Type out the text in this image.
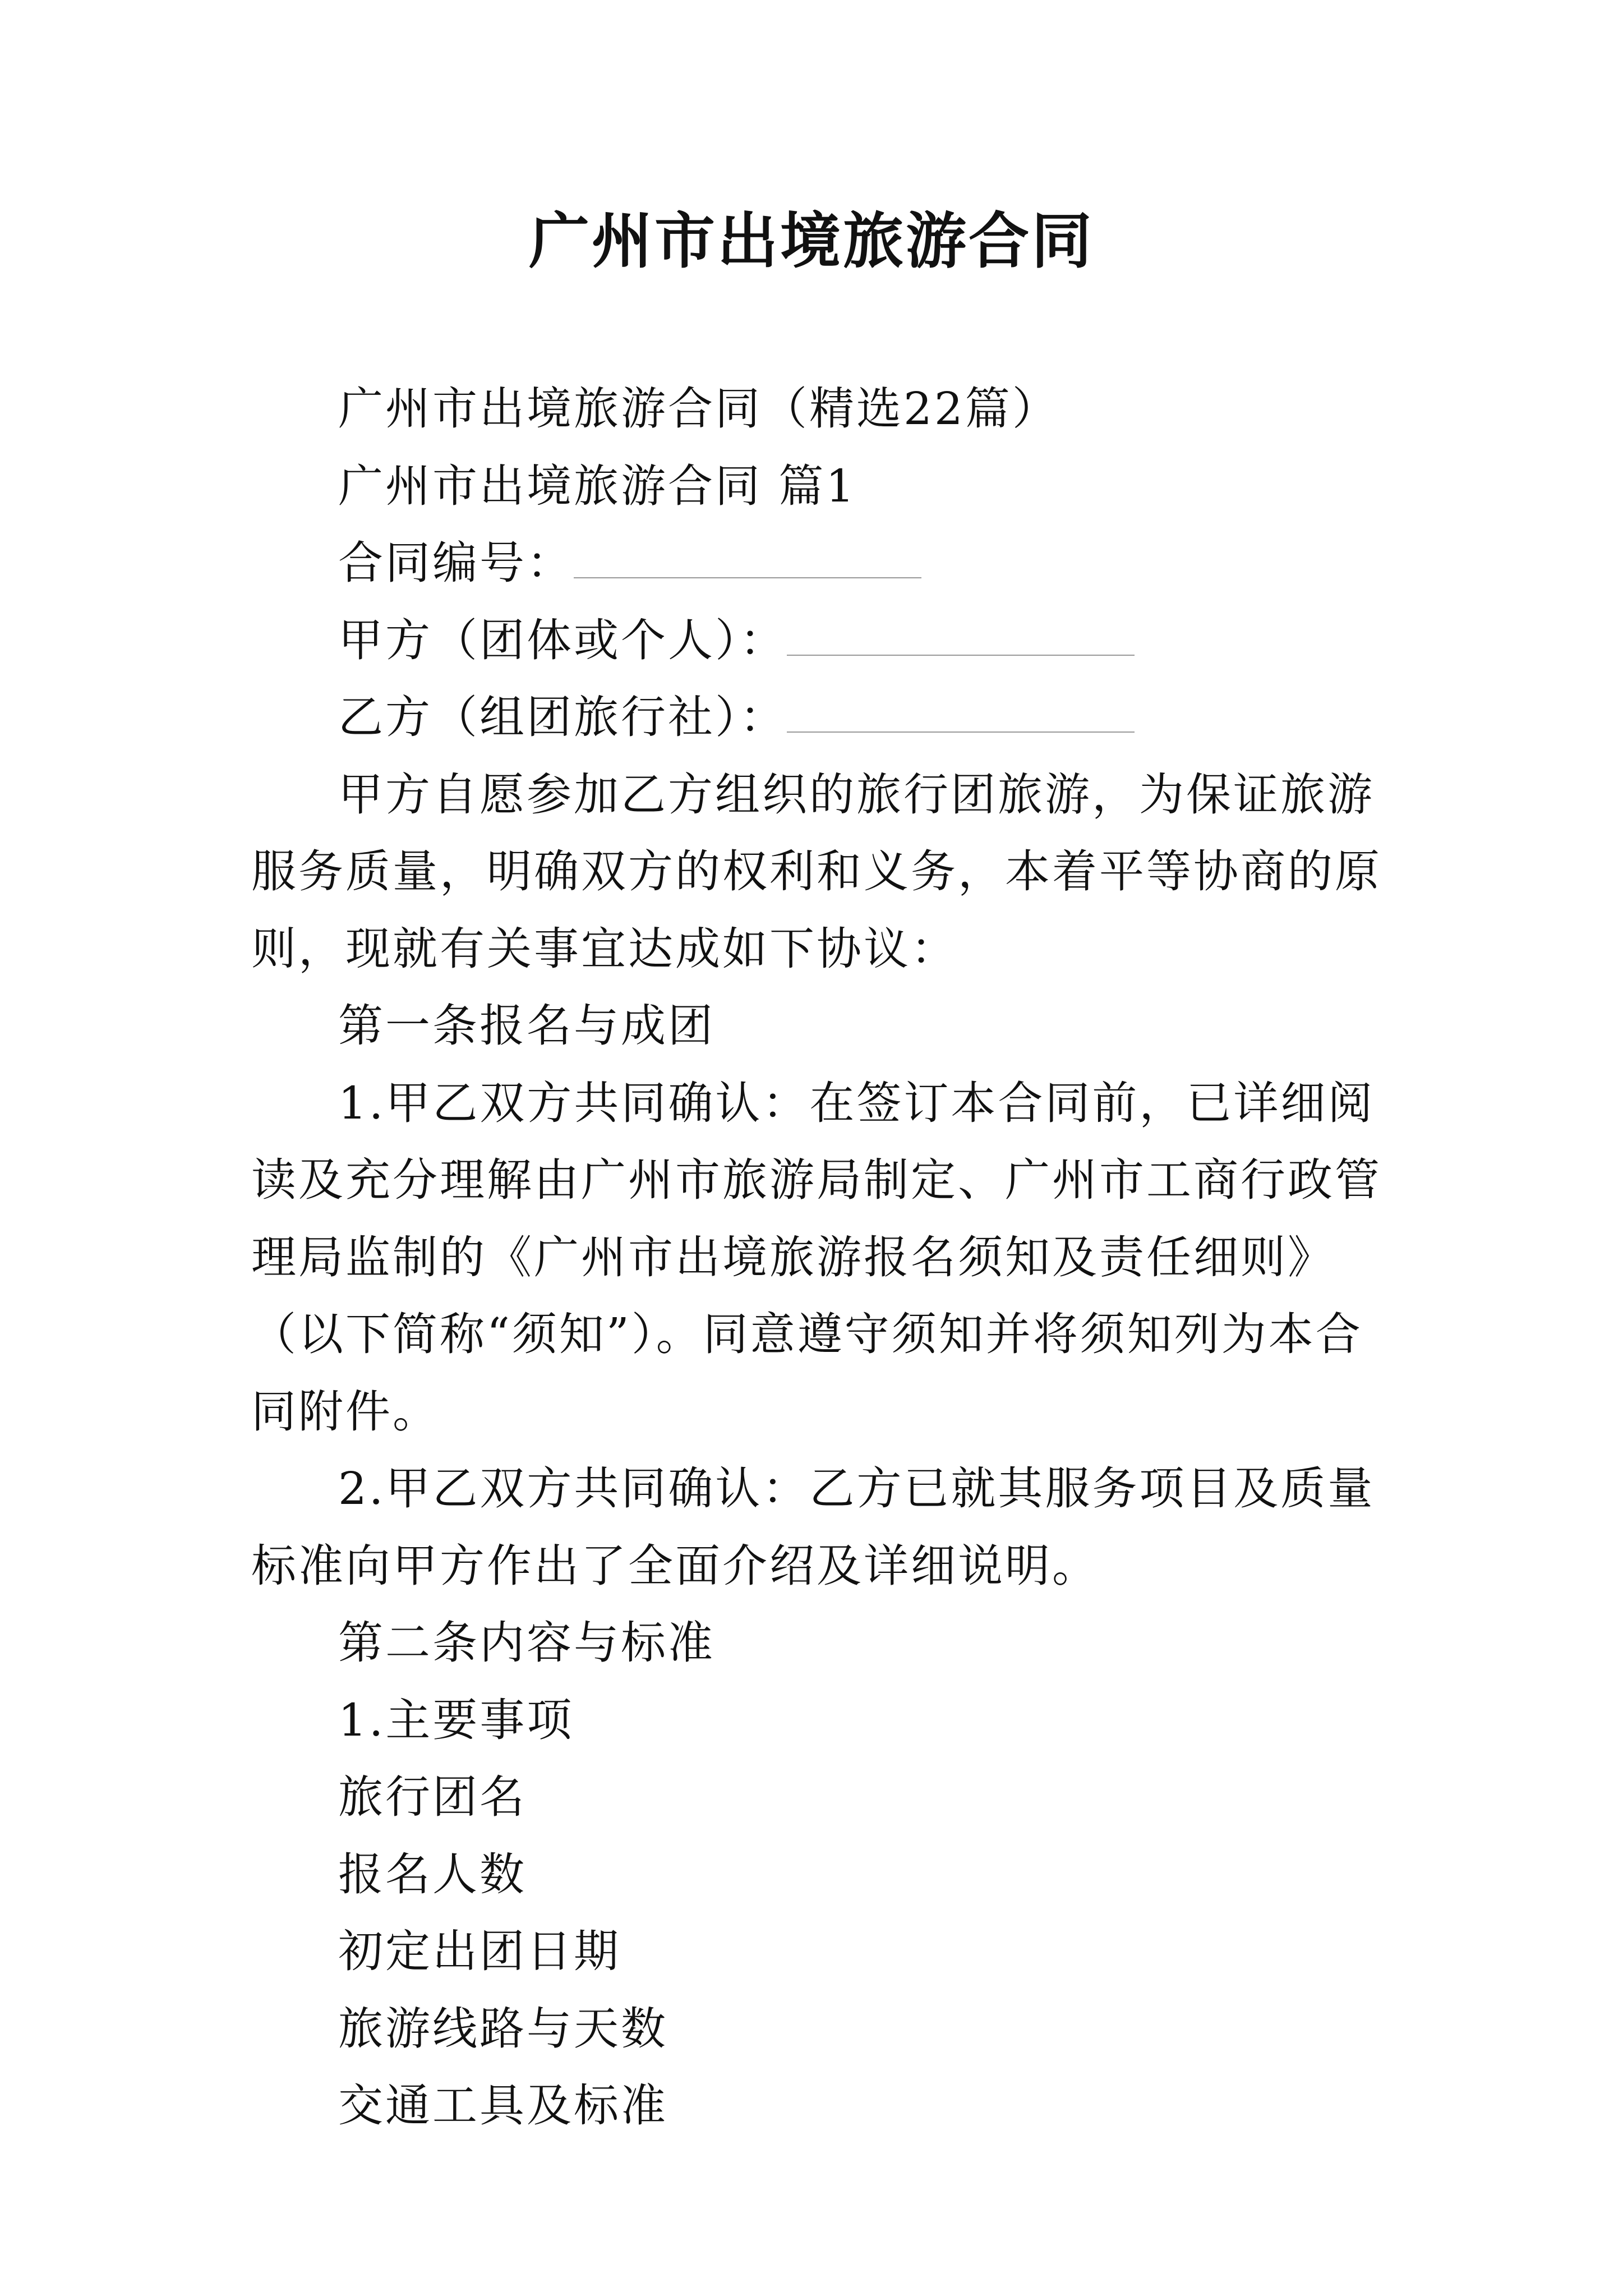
广州市出境旅游合同

广州市出境旅游合同（精选22篇）

广州市出境旅游合同 篇1

合同编号：

甲方（团体或个人）：

乙方（组团旅行社）：

甲方自愿参加乙方组织的旅行团旅游，为保证旅游服务质量，明确双方的权利和义务，本着平等协商的原则，现就有关事宜达成如下协议：

第一条报名与成团

1.甲乙双方共同确认：在签订本合同前，已详细阅读及充分理解由广州市旅游局制定、广州市工商行政管理局监制的《广州市出境旅游报名须知及责任细则》（以下简称“须知”）。同意遵守须知并将须知列为本合同附件。

2.甲乙双方共同确认：乙方已就其服务项目及质量标准向甲方作出了全面介绍及详细说明。

第二条内容与标准

1.主要事项

旅行团名

报名人数

初定出团日期

旅游线路与天数

交通工具及标准
